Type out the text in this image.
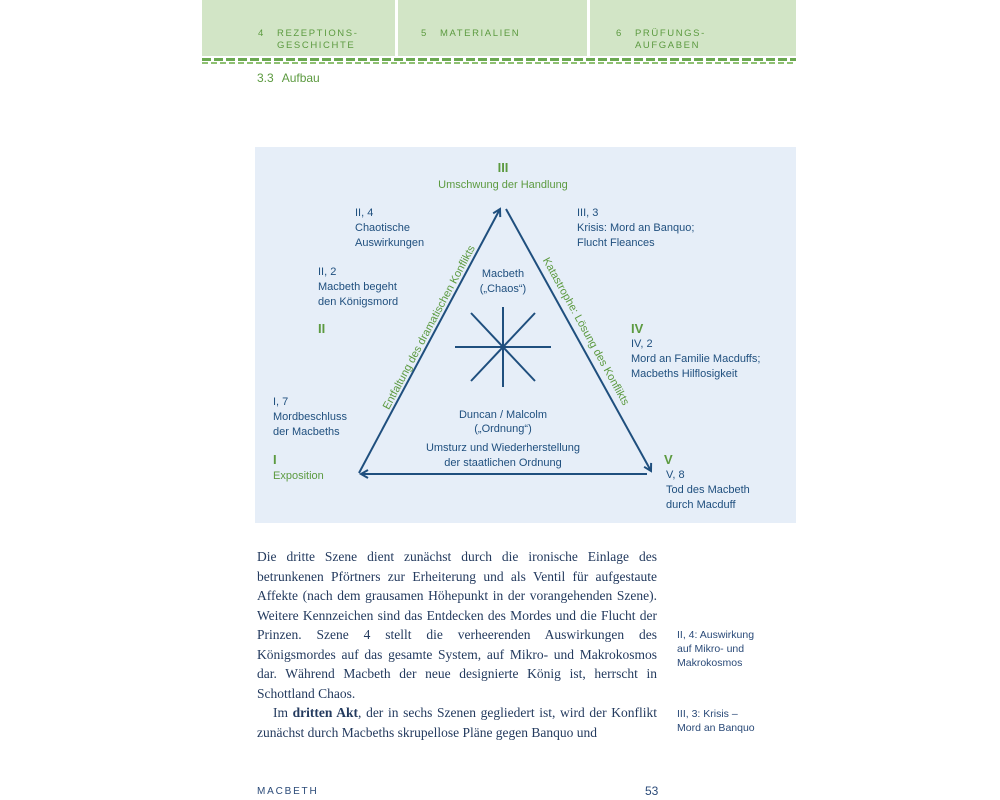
4 REZEPTIONS-
GESCHICHTE
5 MATERIALIEN	6 PRÜFUNGS-
AUFGABEN
3.3 Aufbau
Entfaltung des dramatischen Konflikts	Katastrophe: Lösung des Konflikts
III
Umschwung der Handlung
II, 4
Chaotische
Auswirkungen
III, 3
Krisis: Mord an Banquo;
Flucht Fleances
II, 2
Macbeth begeht
den Königsmord
II	IV
IV, 2
Mord an Familie Macduffs;
Macbeths Hilflosigkeit
Macbeth
(„Chaos“)
Duncan / Malcolm
(„Ordnung“)
Umsturz und Wiederherstellung
der staatlichen Ordnung
I, 7
Mordbeschluss
der Macbeths
I
Exposition
V
V, 8
Tod des Macbeth
durch Macduff

Die dritte Szene dient zunächst durch die ironische Einlage des betrunkenen Pförtners zur Erheiterung und als Ventil für aufgestaute Affekte (nach dem grausamen Höhepunkt in der vorangehenden Szene). Weitere Kennzeichen sind das Entdecken des Mordes und die Flucht der Prinzen. Szene 4 stellt die verheerenden Auswirkungen des Königsmordes auf das gesamte System, auf Mikro- und Makrokosmos dar. Während Macbeth der neue designierte König ist, herrscht in Schottland Chaos.

Im dritten Akt, der in sechs Szenen gegliedert ist, wird der Konflikt zunächst durch Macbeths skrupellose Pläne gegen Banquo und

II, 4: Auswirkung
auf Mikro- und
Makrokosmos
III, 3: Krisis –
Mord an Banquo
MACBETH	53
